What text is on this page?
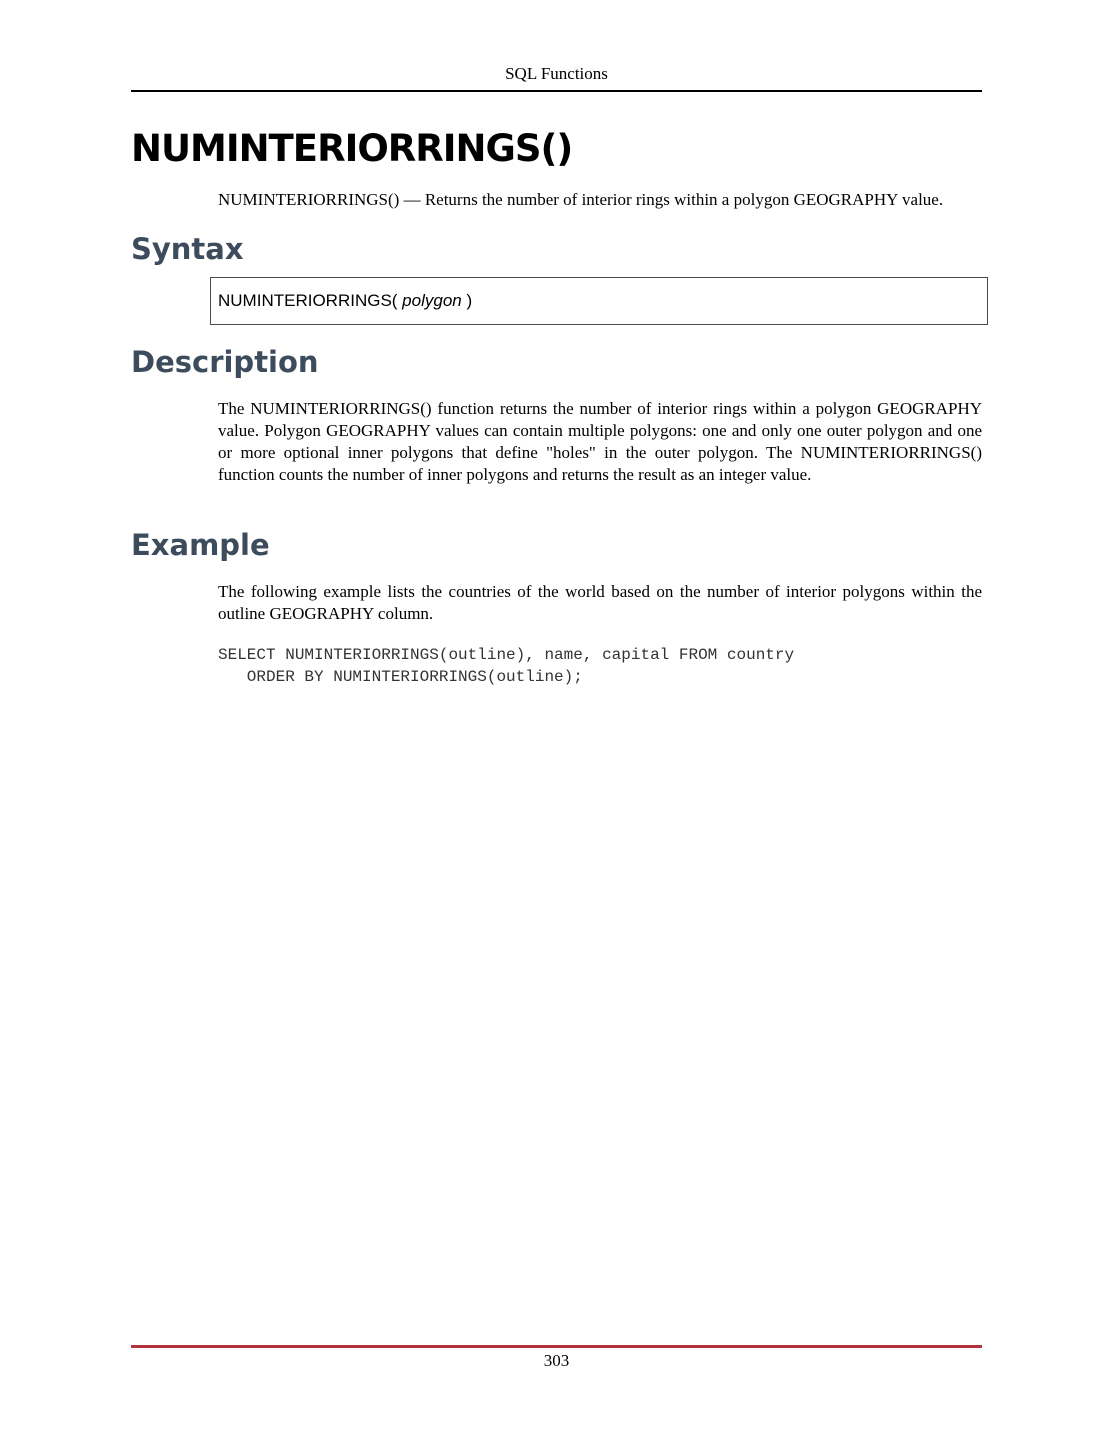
SQL Functions
NUMINTERIORRINGS()
NUMINTERIORRINGS() — Returns the number of interior rings within a polygon GEOGRAPHY value.
Syntax
NUMINTERIORRINGS( polygon )
Description

The NUMINTERIORRINGS() function returns the number of interior rings within a polygon GEOGRAPHY value. Polygon GEOGRAPHY values can contain multiple polygons: one and only one outer polygon and one or more optional inner polygons that define "holes" in the outer polygon. The NUMINTERIORRINGS() function counts the number of inner polygons and returns the result as an integer value.

Example

The following example lists the countries of the world based on the number of interior polygons within the outline GEOGRAPHY column.

SELECT NUMINTERIORRINGS(outline), name, capital FROM country
ORDER BY NUMINTERIORRINGS(outline);
303
